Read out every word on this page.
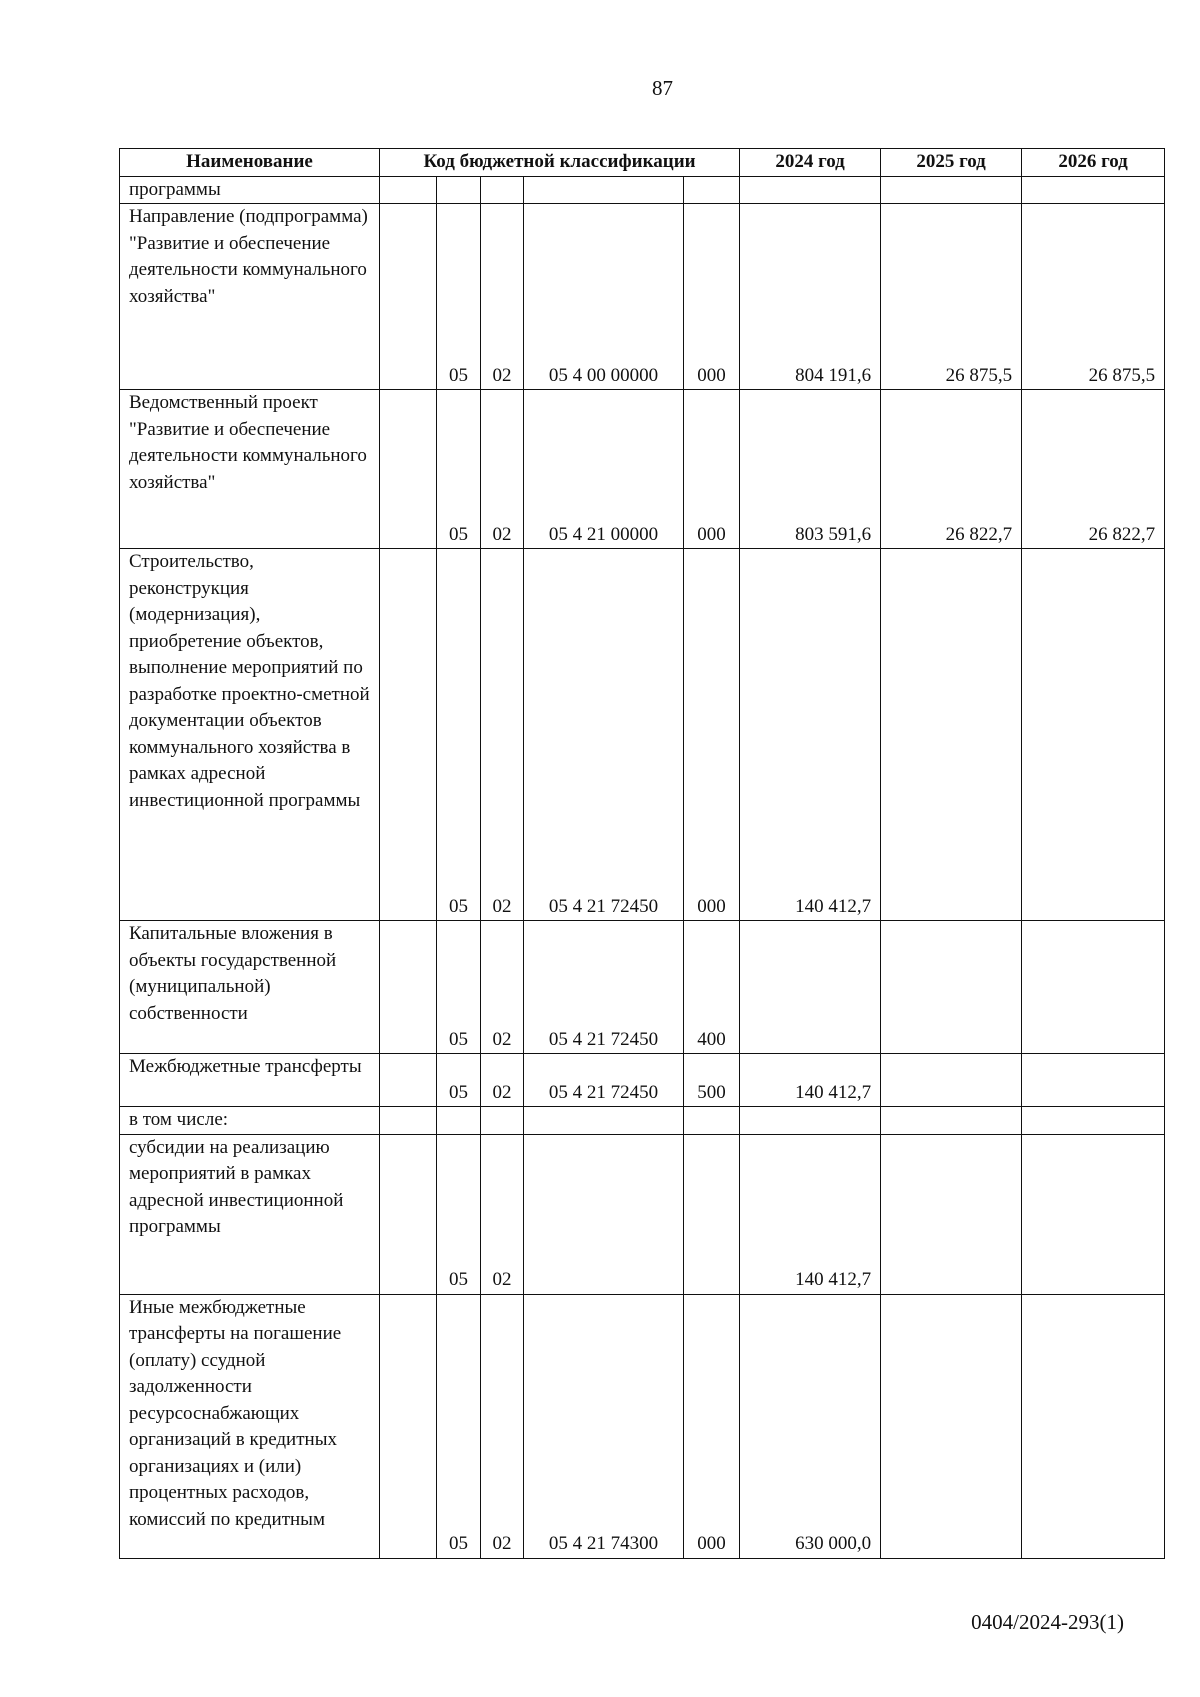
87
Наименование	Код бюджетной классификации					2024 год	2025 год	2026 год
программы								
Направление (подпрограмма) "Развитие и обеспечение деятельности коммунального хозяйства"		05	02	05 4 00 00000	000	804 191,6	26 875,5	26 875,5
Ведомственный проект "Развитие и обеспечение деятельности коммунального хозяйства"		05	02	05 4 21 00000	000	803 591,6	26 822,7	26 822,7
Строительство, реконструкция (модернизация), приобретение объектов, выполнение мероприятий по разработке проектно-сметной документации объектов коммунального хозяйства в рамках адресной инвестиционной программы		05	02	05 4 21 72450	000	140 412,7		
Капитальные вложения в объекты государственной (муниципальной) собственности		05	02	05 4 21 72450	400			
Межбюджетные трансферты		05	02	05 4 21 72450	500	140 412,7		
в том числе:								
субсидии на реализацию мероприятий в рамках адресной инвестиционной программы		05	02			140 412,7		
Иные межбюджетные трансферты на погашение (оплату) ссудной задолженности ресурсоснабжающих организаций в кредитных организациях и (или) процентных расходов, комиссий по кредитным		05	02	05 4 21 74300	000	630 000,0		
0404/2024-293(1)
